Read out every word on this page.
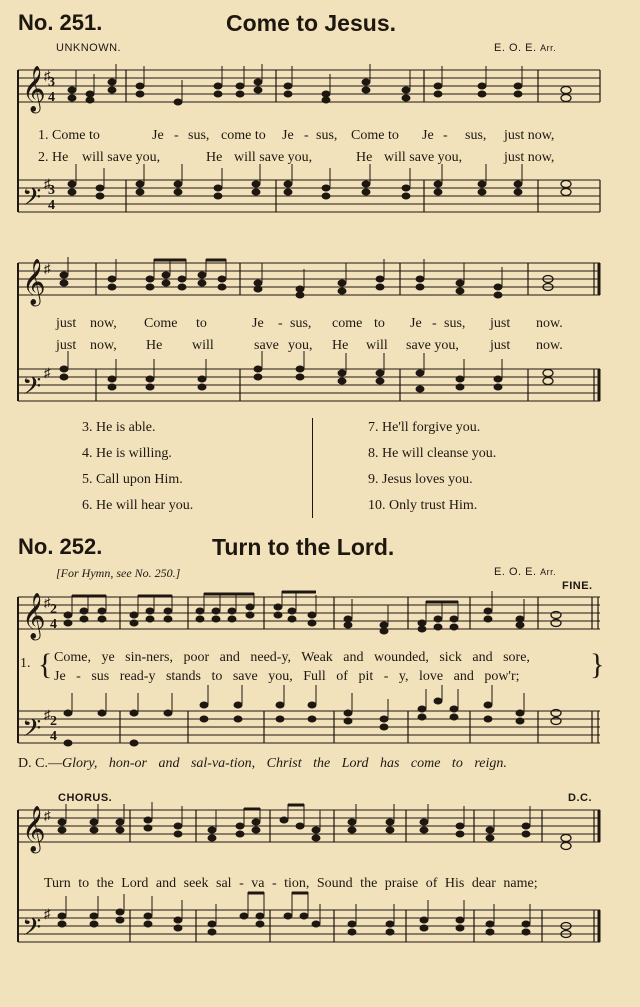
No. 251.	Come to Jesus.
UNKNOWN.	E. O. E. Arr.
𝄞
𝄢
♯
♯
3
4
3
4
1. Come to	Je - sus, come to Je - sus, Come to Je - sus, just now,
2. He will save you,	He will save you,	He will save you,	just now,
𝄞
𝄢
♯
♯
just now, Come to	Je - sus, come to Je - sus, just now.
just now, He will	save you, He will save you, just now.
3. He is able.
4. He is willing.
5. Call upon Him.
6. He will hear you.
7. He'll forgive you.
8. He will cleanse you.
9. Jesus loves you.
10. Only trust Him.
No. 252.	Turn to the Lord.
[For Hymn, see No. 250.]	E. O. E. Arr.
FINE.
𝄞
𝄢
♯
♯
2
4
2
4
{
1. Come, ye sin-ners, poor and need-y, Weak and wounded, sick and sore,
Je - sus read-y stands to save you, Full of pit - y, love and pow'r; }
D. C.—Glory, hon-or and sal-va-tion, Christ the Lord has come to reign.
CHORUS.	D.C.
𝄞
𝄢
♯
♯
Turn to the Lord and seek sal - va - tion, Sound the praise of His dear name;
